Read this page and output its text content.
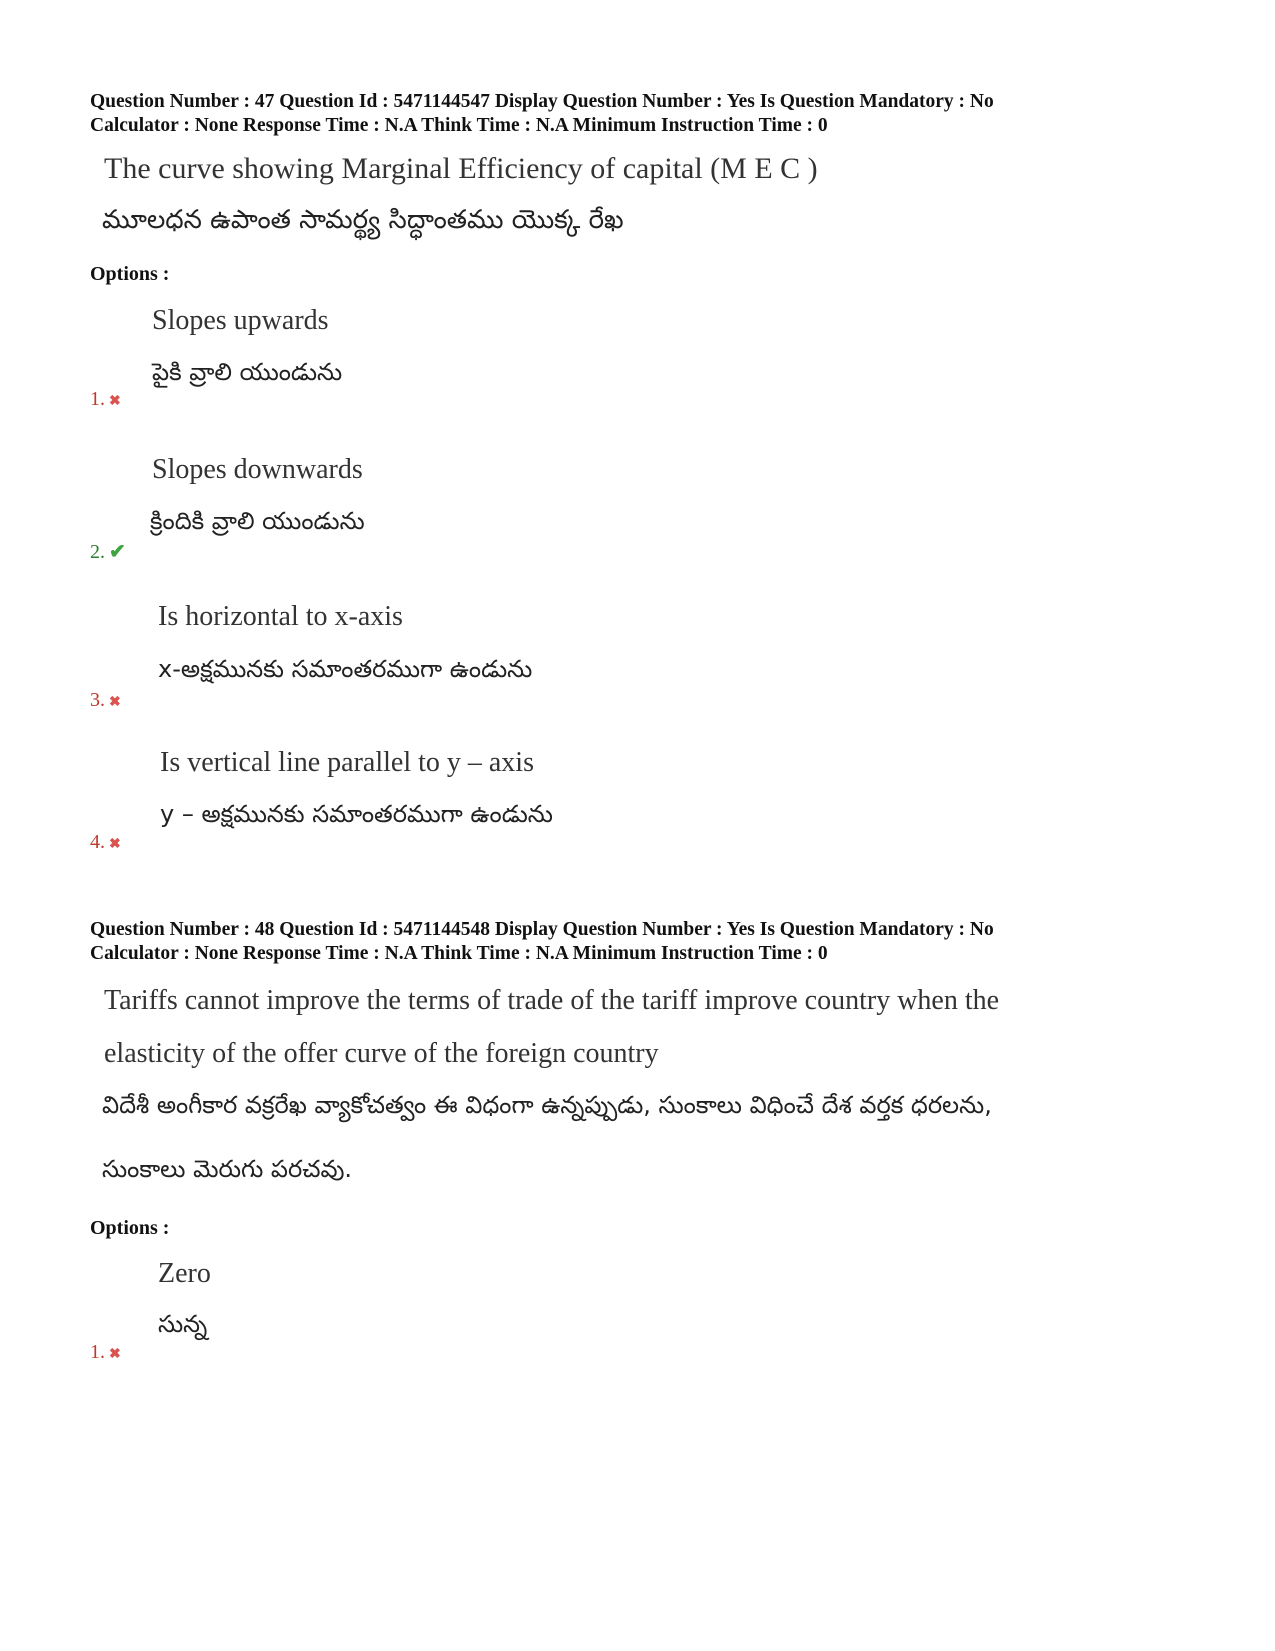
Question Number : 47 Question Id : 5471144547 Display Question Number : Yes Is Question Mandatory : No
Calculator : None Response Time : N.A Think Time : N.A Minimum Instruction Time : 0
The curve showing Marginal Efficiency of capital (M E C )
మూలధన ఉపాంత సామర్థ్య సిద్ధాంతము యొక్క రేఖ
Options :
Slopes upwards
పైకి వ్రాలి యుండును
1. ✖
Slopes downwards
క్రిందికి వ్రాలి యుండును
2. ✔
Is horizontal to x-axis
x-అక్షమునకు సమాంతరముగా ఉండును
3. ✖
Is vertical line parallel to y – axis
y – అక్షమునకు సమాంతరముగా ఉండును
4. ✖
Question Number : 48 Question Id : 5471144548 Display Question Number : Yes Is Question Mandatory : No
Calculator : None Response Time : N.A Think Time : N.A Minimum Instruction Time : 0
Tariffs cannot improve the terms of trade of the tariff improve country when the
elasticity of the offer curve of the foreign country
విదేశీ అంగీకార వక్రరేఖ వ్యాకోచత్వం ఈ విధంగా ఉన్నప్పుడు, సుంకాలు విధించే దేశ వర్తక ధరలను,
సుంకాలు మెరుగు పరచవు.
Options :
Zero
సున్న
1. ✖
